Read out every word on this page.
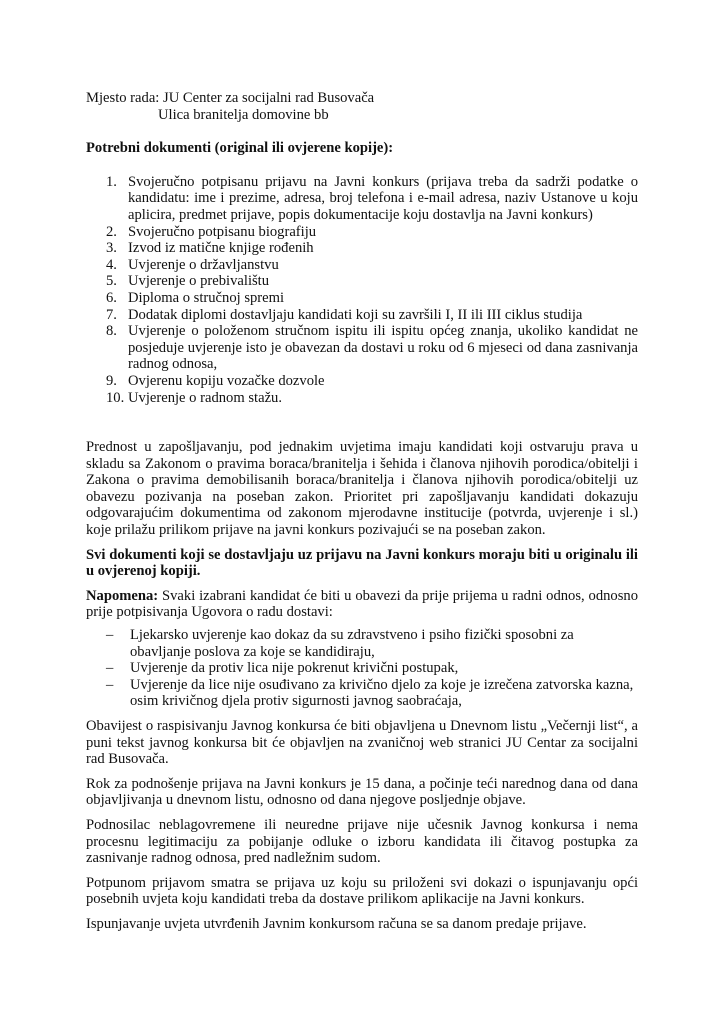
Mjesto rada: JU Center za socijalni rad Busovača

Ulica branitelja domovine bb

Potrebni dokumenti (original ili ovjerene kopije):

1. Svojeručno potpisanu prijavu na Javni konkurs (prijava treba da sadrži podatke o kandidatu: ime i prezime, adresa, broj telefona i e-mail adresa, naziv Ustanove u koju aplicira, predmet prijave, popis dokumentacije koju dostavlja na Javni konkurs)
2. Svojeručno potpisanu biografiju
3. Izvod iz matične knjige rođenih
4. Uvjerenje o državljanstvu
5. Uvjerenje o prebivalištu
6. Diploma o stručnoj spremi
7. Dodatak diplomi dostavljaju kandidati koji su završili I, II ili III ciklus studija
8. Uvjerenje o položenom stručnom ispitu ili ispitu općeg znanja, ukoliko kandidat ne posjeduje uvjerenje isto je obavezan da dostavi u roku od 6 mjeseci od dana zasnivanja radnog odnosa,
9. Ovjerenu kopiju vozačke dozvole
10. Uvjerenje o radnom stažu.

Prednost u zapošljavanju, pod jednakim uvjetima imaju kandidati koji ostvaruju prava u skladu sa Zakonom o pravima boraca/branitelja i šehida i članova njihovih porodica/obitelji i Zakona o pravima demobilisanih boraca/branitelja i članova njihovih porodica/obitelji uz obavezu pozivanja na poseban zakon. Prioritet pri zapošljavanju kandidati dokazuju odgovarajućim dokumentima od zakonom mjerodavne institucije (potvrda, uvjerenje i sl.) koje prilažu prilikom prijave na javni konkurs pozivajući se na poseban zakon.

Svi dokumenti koji se dostavljaju uz prijavu na Javni konkurs moraju biti u originalu ili u ovjerenoj kopiji.

Napomena: Svaki izabrani kandidat će biti u obavezi da prije prijema u radni odnos, odnosno prije potpisivanja Ugovora o radu dostavi:

– Ljekarsko uvjerenje kao dokaz da su zdravstveno i psiho fizički sposobni za obavljanje poslova za koje se kandidiraju,
– Uvjerenje da protiv lica nije pokrenut krivični postupak,
– Uvjerenje da lice nije osuđivano za krivično djelo za koje je izrečena zatvorska kazna, osim krivičnog djela protiv sigurnosti javnog saobraćaja,

Obavijest o raspisivanju Javnog konkursa će biti objavljena u Dnevnom listu „Večernji list“, a puni tekst javnog konkursa bit će objavljen na zvaničnoj web stranici JU Centar za socijalni rad Busovača.

Rok za podnošenje prijava na Javni konkurs je 15 dana, a počinje teći narednog dana od dana objavljivanja u dnevnom listu, odnosno od dana njegove posljednje objave.

Podnosilac neblagovremene ili neuredne prijave nije učesnik Javnog konkursa i nema procesnu legitimaciju za pobijanje odluke o izboru kandidata ili čitavog postupka za zasnivanje radnog odnosa, pred nadležnim sudom.

Potpunom prijavom smatra se prijava uz koju su priloženi svi dokazi o ispunjavanju opći posebnih uvjeta koju kandidati treba da dostave prilikom aplikacije na Javni konkurs.

Ispunjavanje uvjeta utvrđenih Javnim konkursom računa se sa danom predaje prijave.
